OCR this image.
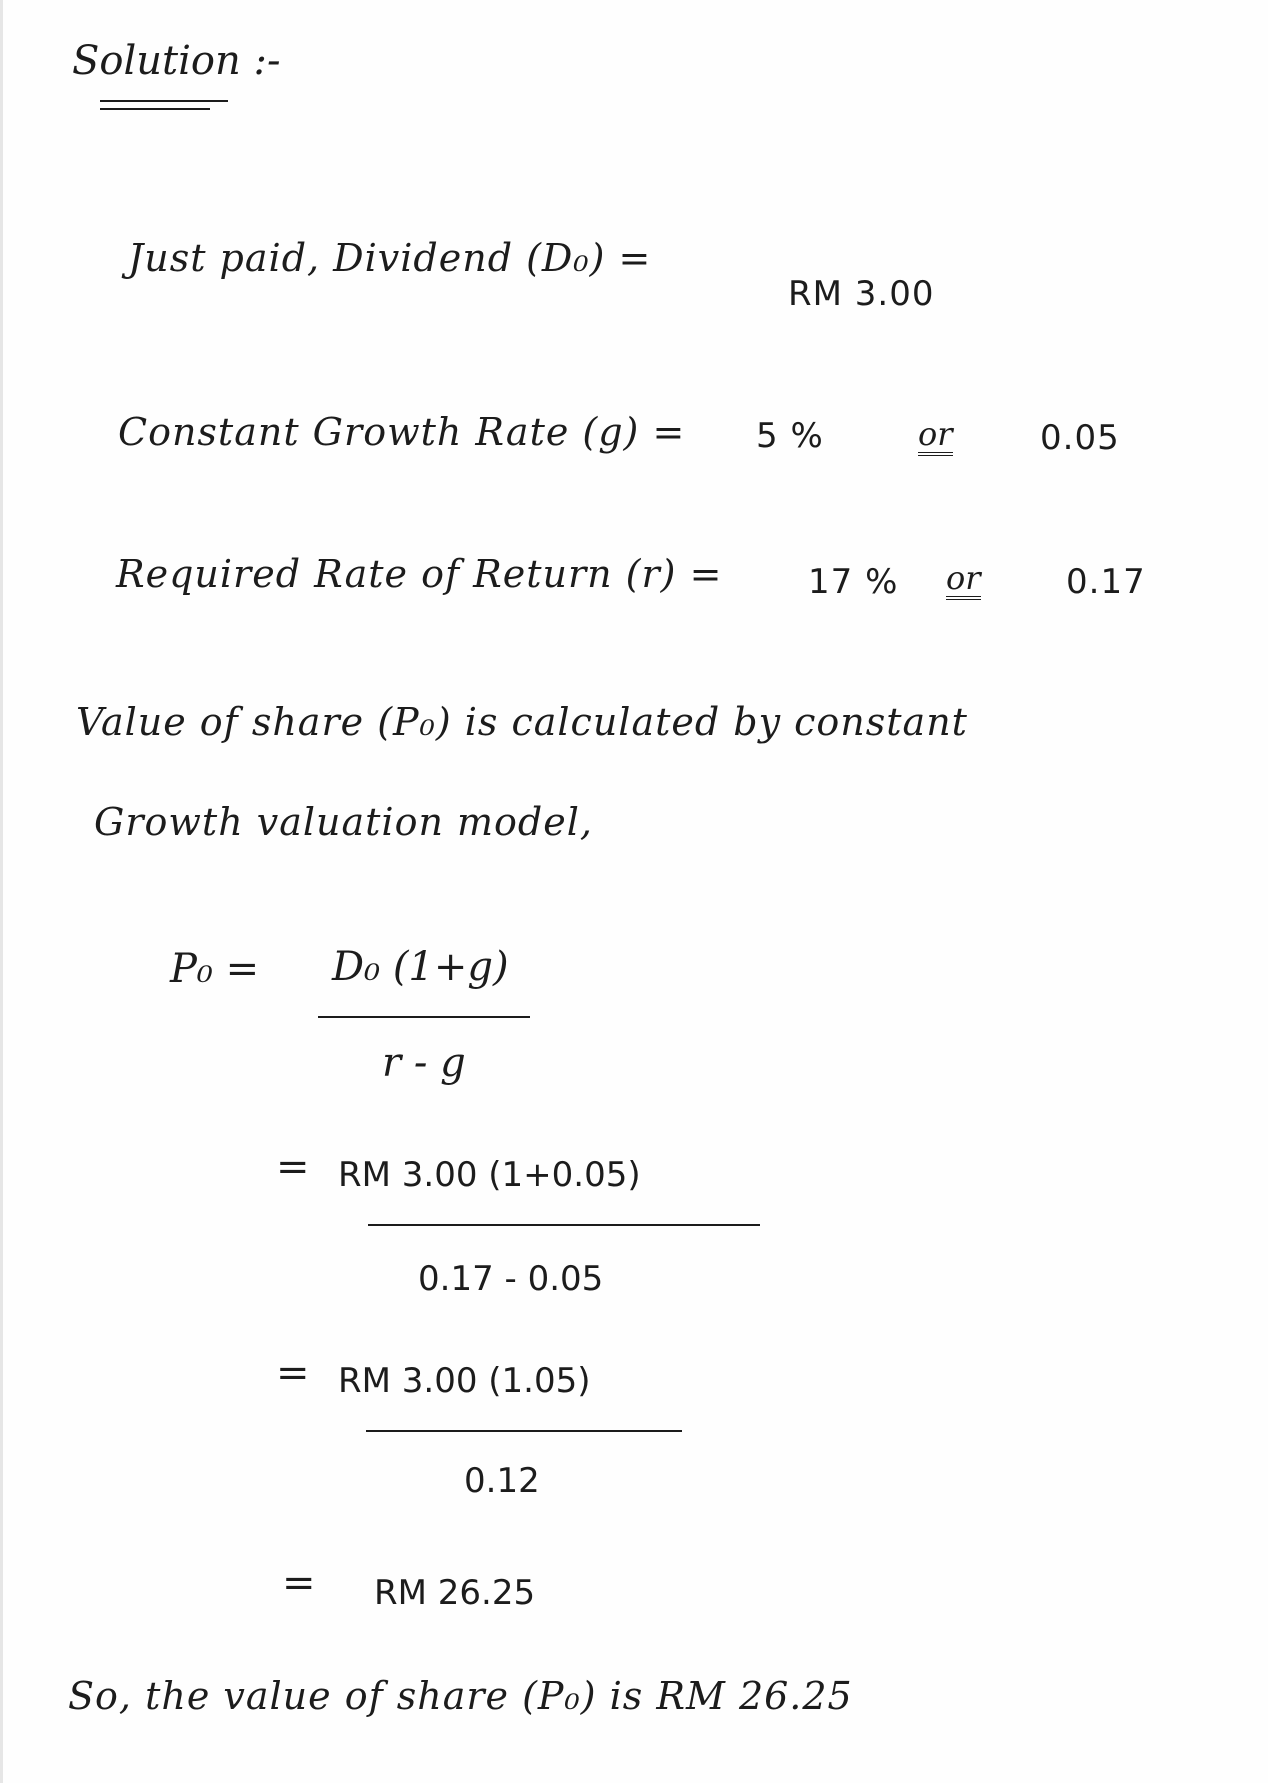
Solution :-
Just paid, Dividend (D₀) =
RM 3.00
Constant Growth Rate (g) = 5 %	or	0.05
Required Rate of Return (r) =	17 % or	0.17
Value of share (P₀) is calculated by constant
Growth valuation model,
P₀ = D₀ (1+g)
r - g
= RM 3.00 (1+0.05)
0.17 - 0.05
= RM 3.00 (1.05)
0.12
= RM 26.25
So, the value of share (P₀) is RM 26.25
